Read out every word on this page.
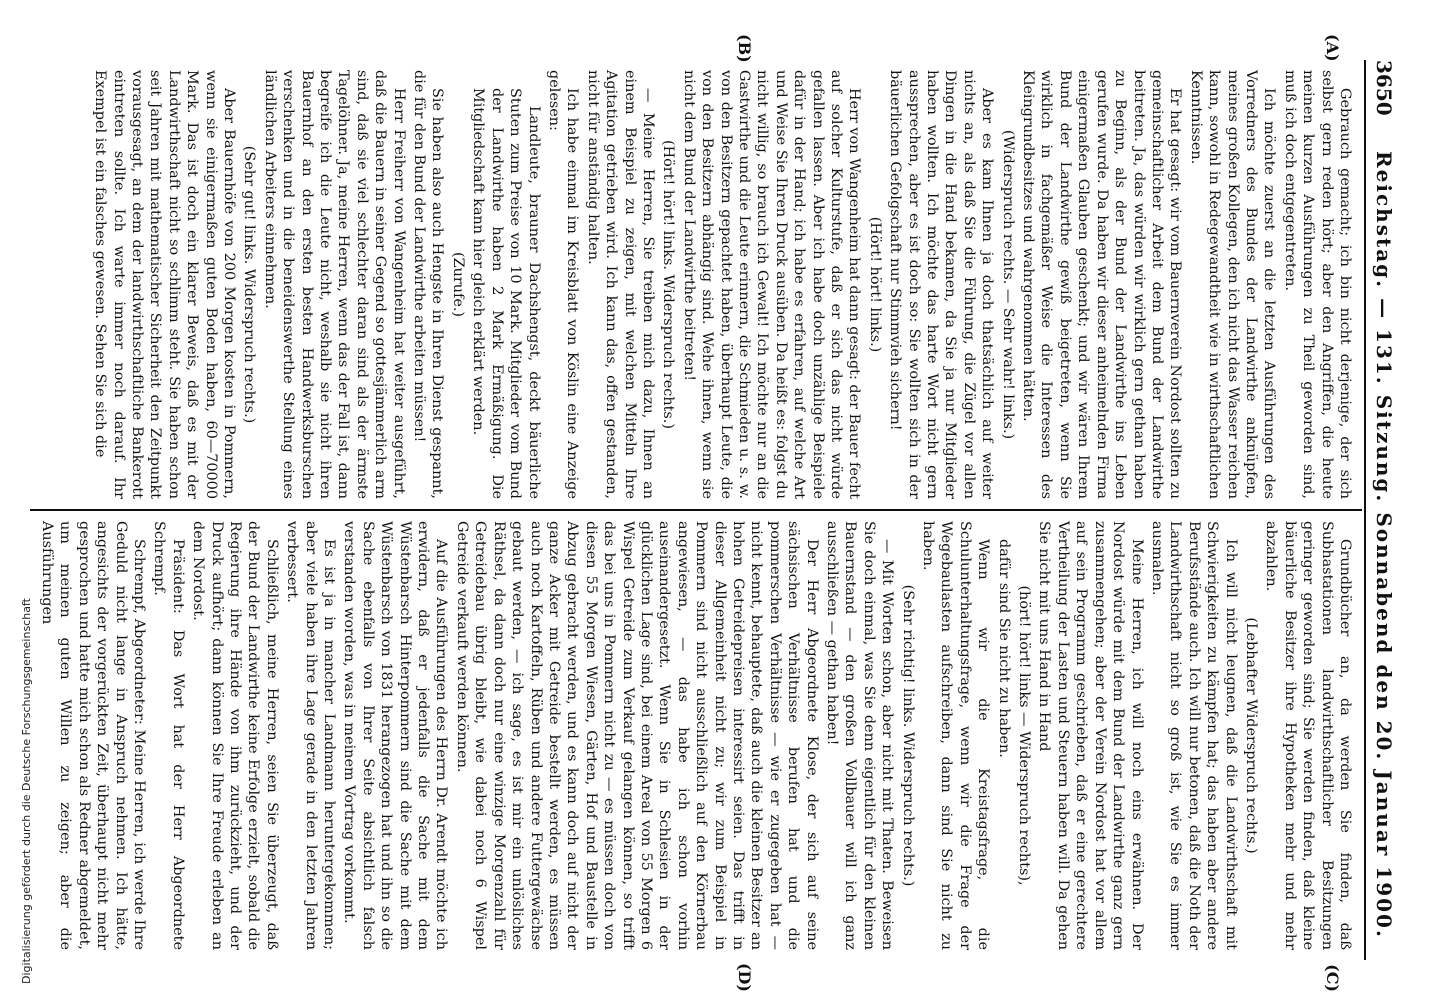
3650
Reichstag. — 131. Sitzung. Sonnabend den 20. Januar 1900.
(A)
(B)
(C)
(D)

Gebrauch gemacht; ich bin nicht derjenige, der sich selbst gern reden hört; aber den Angriffen, die heute meinen kurzen Ausführungen zu Theil geworden sind, muß ich doch entgegentreten.

Ich möchte zuerst an die letzten Ausführungen des Vorredners des Bundes der Landwirthe anknüpfen, meines großen Kollegen, den ich nicht das Wasser reichen kann, sowohl in Redegewandtheit wie in wirthschaftlichen Kenntnissen.

Er hat gesagt: wir vom Bauernverein Nordost sollten zu gemeinschaftlicher Arbeit dem Bund der Landwirthe beitreten. Ja, das würden wir wirklich gern gethan haben zu Beginn, als der Bund der Landwirthe ins Leben gerufen wurde. Da haben wir dieser anheimelnden Firma einigermaßen Glauben geschenkt; und wir wären Ihrem Bund der Landwirthe gewiß beigetreten, wenn Sie wirklich in fachgemäßer Weise die Interessen des Kleingrundbesitzes und wahrgenommen hätten.

(Widerspruch rechts. — Sehr wahr! links.)

Aber es kam Ihnen ja doch thatsächlich auf weiter nichts an, als daß Sie die Führung, die Zügel vor allen Dingen in die Hand bekamen, da Sie ja nur Mitglieder haben wollten. Ich möchte das harte Wort nicht gern aussprechen, aber es ist doch so: Sie wollten sich in der bäuerlichen Gefolgschaft nur Stimmvieh sichern!

(Hört! hört! links.)

Herr von Wangenheim hat dann gesagt: der Bauer fecht auf solcher Kulturstufe, daß er sich das nicht würde gefallen lassen. Aber ich habe doch unzählige Beispiele dafür in der Hand; ich habe es erfahren, auf welche Art und Weise Sie Ihren Druck ausüben. Da heißt es: folgst du nicht willig, so brauch ich Gewalt! Ich möchte nur an die Gastwirthe und die Leute erinnern, die Schmieden u. s. w. von den Besitzern gepachtet haben, überhaupt Leute, die von den Besitzern abhängig sind. Wehe ihnen, wenn sie nicht dem Bund der Landwirthe beitreten!

(Hört! hört! links. Widerspruch rechts.)

— Meine Herren, Sie treiben mich dazu, Ihnen an einem Beispiel zu zeigen, mit welchen Mitteln Ihre Agitation getrieben wird. Ich kann das, offen gestanden, nicht für anständig halten.

Ich habe einmal im Kreisblatt von Köslin eine Anzeige gelesen:

Landleute, brauner Dachshengst, deckt bäuerliche Stuten zum Preise von 10 Mark. Mitglieder vom Bund der Landwirthe haben 2 Mark Ermäßigung. Die Mitgliedschaft kann hier gleich erklärt werden.

(Zurufe.)

Sie haben also auch Hengste in Ihren Dienst gespannt, die für den Bund der Landwirthe arbeiten müssen!

Herr Freiherr von Wangenheim hat weiter ausgeführt, daß die Bauern in seiner Gegend so gottesjämmerlich arm sind, daß sie viel schlechter daran sind als der ärmste Tagelöhner. Ja, meine Herren, wenn das der Fall ist, dann begreife ich die Leute nicht, weshalb sie nicht ihren Bauernhof an den ersten besten Handwerksburschen verschenken und in die beneidenswerthe Stellung eines ländlichen Arbeiters einnehmen.

(Sehr gut! links. Widerspruch rechts.)

Aber Bauernhöfe von 200 Morgen kosten in Pommern, wenn sie einigermaßen guten Boden haben, 60—70000 Mark. Das ist doch ein klarer Beweis, daß es mit der Landwirthschaft nicht so schlimm steht. Sie haben schon seit Jahren mit mathematischer Sicherheit den Zeitpunkt vorausgesagt, an dem der landwirthschaftliche Bankerott eintreten sollte. Ich warte immer noch darauf. Ihr Exempel ist ein falsches gewesen. Sehen Sie sich die

Grundbücher an, da werden Sie finden, daß Subhastationen landwirthschaftlicher Besitzungen geringer geworden sind; Sie werden finden, daß kleine bäuerliche Besitzer ihre Hypotheken mehr und mehr abzahlen.

(Lebhafter Widerspruch rechts.)

Ich will nicht leugnen, daß die Landwirthschaft mit Schwierigkeiten zu kämpfen hat; das haben aber andere Berufsstände auch. Ich will nur betonen, daß die Noth der Landwirthschaft nicht so groß ist, wie Sie es immer ausmalen.

Meine Herren, ich will noch eins erwähnen. Der Nordost würde mit dem Bund der Landwirthe ganz gern zusammengehen; aber der Verein Nordost hat vor allem auf sein Programm geschrieben, daß er eine gerechtere Vertheilung der Lasten und Steuern haben will. Da gehen Sie nicht mit uns Hand in Hand

(hört! hört! links — Widerspruch rechts),

dafür sind Sie nicht zu haben.

Wenn wir die Kreistagsfrage, die Schulunterhaltungsfrage, wenn wir die Frage der Wegebaulasten aufschreiben, dann sind Sie nicht zu haben.

(Sehr richtig! links. Widerspruch rechts.)

— Mit Worten schon, aber nicht mit Thaten. Beweisen Sie doch einmal, was Sie denn eigentlich für den kleinen Bauernstand — den großen Vollbauer will ich ganz ausschließen — gethan haben!

Der Herr Abgeordnete Klose, der sich auf seine sächsischen Verhältnisse berufen hat und die pommerschen Verhältnisse — wie er zugegeben hat — nicht kennt, behauptete, daß auch die kleinen Besitzer an hohen Getreidepreisen interessirt seien. Das trifft in dieser Allgemeinheit nicht zu; wir zum Beispiel in Pommern sind nicht ausschließlich auf den Körnerbau angewiesen, — das habe ich schon vorhin auseinandergesetzt. Wenn Sie in Schlesien in der glücklichen Lage sind, bei einem Areal von 55 Morgen 6 Wispel Getreide zum Verkauf gelangen können, so trifft das bei uns in Pommern nicht zu — es müssen doch von diesen 55 Morgen Wiesen, Gärten, Hof und Baustelle in Abzug gebracht werden, und es kann doch auf nicht der ganze Acker mit Getreide bestellt werden, es müssen auch noch Kartoffeln, Rüben und andere Futtergewächse gebaut werden, — ich sage, es ist mir ein unlösliches Räthsel, da dann doch nur eine winzige Morgenzahl für Getreidebau übrig bleibt, wie dabei noch 6 Wispel Getreide verkauft werden können.

Auf die Ausführungen des Herrn Dr. Arendt möchte ich erwidern, daß er jedenfalls die Sache mit dem Wüstenbarsch Hinterpommern sind die Sache mit dem Wüstenbarsch von 1831 herangezogen hat und ihn so die Sache ebenfalls von Ihrer Seite absichtlich falsch verstanden worden, was in meinem Vortrag vorkommt.

Es ist ja in mancher Landmann heruntergekommen; aber viele haben ihre Lage gerade in den letzten Jahren verbessert.

Schließlich, meine Herren, seien Sie überzeugt, daß der Bund der Landwirthe keine Erfolge erzielt, sobald die Regierung ihre Hände von ihm zurückzieht, und der Druck aufhört; dann können Sie Ihre Freude erleben an dem Nordost.

Präsident: Das Wort hat der Herr Abgeordnete Schrempf.

Schrempf, Abgeordneter: Meine Herren, ich werde Ihre Geduld nicht lange in Anspruch nehmen. Ich hätte, angesichts der vorgerückten Zeit, überhaupt nicht mehr gesprochen und hatte mich schon als Redner abgemeldet, um meinen guten Willen zu zeigen; aber die Ausführungen

Digitalisierung gefördert durch die Deutsche Forschungsgemeinschaft
